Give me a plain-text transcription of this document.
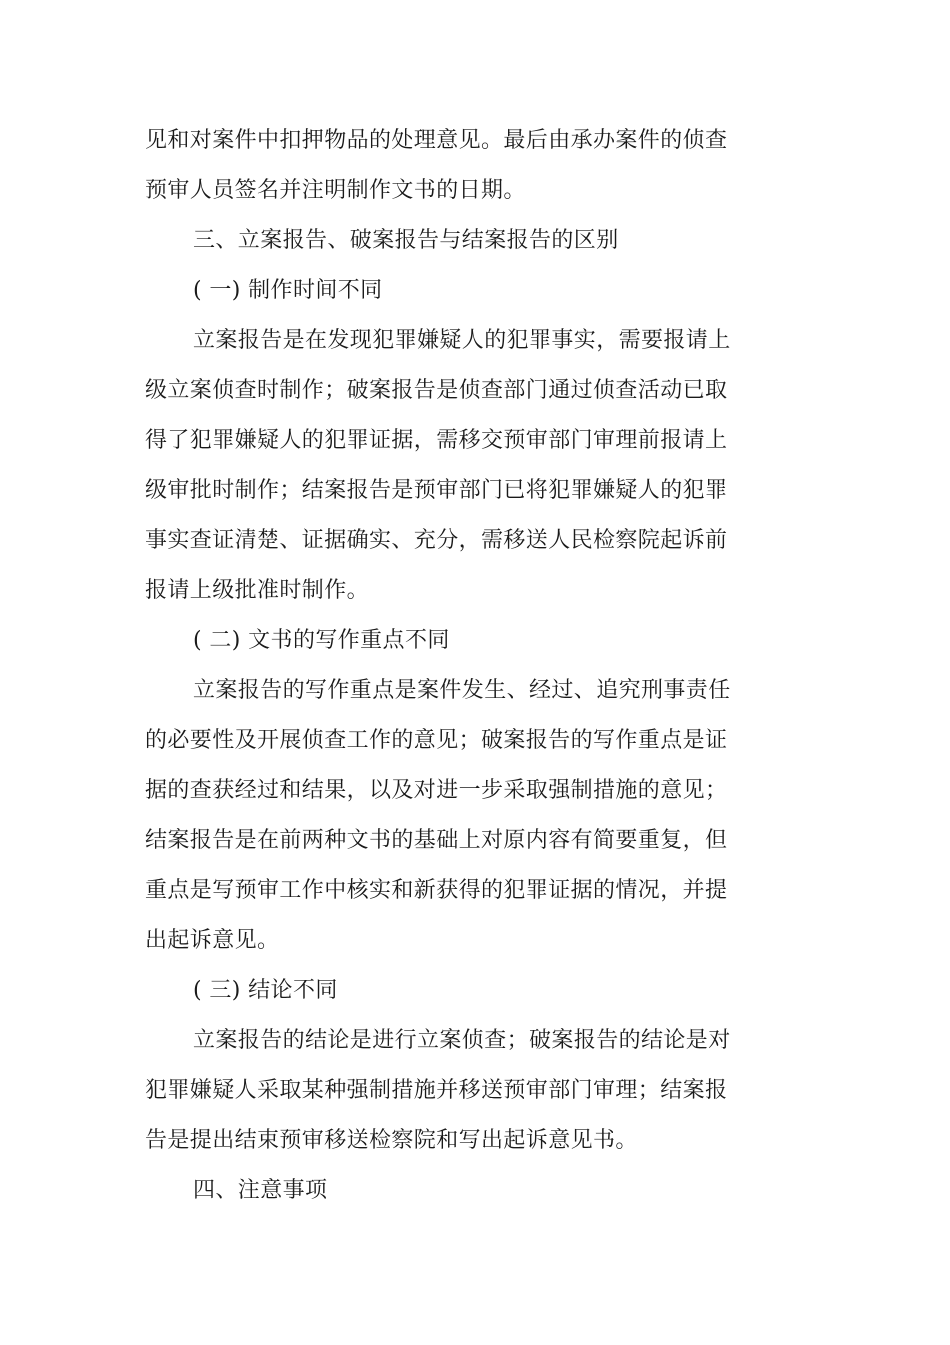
见和对案件中扣押物品的处理意见。最后由承办案件的侦查
预审人员签名并注明制作文书的日期。
三、立案报告、破案报告与结案报告的区别
( 一) 制作时间不同
立案报告是在发现犯罪嫌疑人的犯罪事实，需要报请上
级立案侦查时制作；破案报告是侦查部门通过侦查活动已取
得了犯罪嫌疑人的犯罪证据，需移交预审部门审理前报请上
级审批时制作；结案报告是预审部门已将犯罪嫌疑人的犯罪
事实查证清楚、证据确实、充分，需移送人民检察院起诉前
报请上级批准时制作。
( 二) 文书的写作重点不同
立案报告的写作重点是案件发生、经过、追究刑事责任
的必要性及开展侦查工作的意见；破案报告的写作重点是证
据的查获经过和结果，以及对进一步采取强制措施的意见；
结案报告是在前两种文书的基础上对原内容有简要重复，但
重点是写预审工作中核实和新获得的犯罪证据的情况，并提
出起诉意见。
( 三) 结论不同
立案报告的结论是进行立案侦查；破案报告的结论是对
犯罪嫌疑人采取某种强制措施并移送预审部门审理；结案报
告是提出结束预审移送检察院和写出起诉意见书。
四、注意事项
